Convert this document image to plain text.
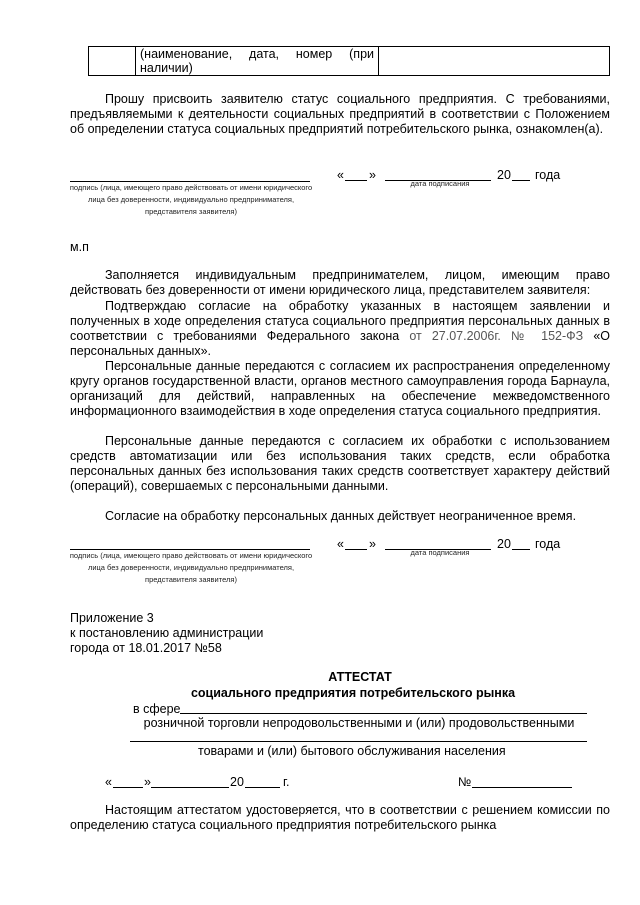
	(наименование, дата, номер (при наличии)	
Прошу присвоить заявителю статус социального предприятия. С требованиями, предъявляемыми к деятельности социальных предприятий в соответствии с Положением об определении статуса социальных предприятий потребительского рынка, ознакомлен(а).
подпись (лица, имеющего право действовать от имени юридического лица без доверенности, индивидуально предпринимателя, представителя заявителя)
« »	20 года
дата подписания
м.п
Заполняется индивидуальным предпринимателем, лицом, имеющим право действовать без доверенности от имени юридического лица, представителем заявителя:
Подтверждаю согласие на обработку указанных в настоящем заявлении и полученных в ходе определения статуса социального предприятия персональных данных в соответствии с требованиями Федерального закона от 27.07.2006г. № 152-ФЗ «О персональных данных».
Персональные данные передаются с согласием их распространения определенному кругу органов государственной власти, органов местного самоуправления города Барнаула, организаций для действий, направленных на обеспечение межведомственного информационного взаимодействия в ходе определения статуса социального предприятия.
Персональные данные передаются с согласием их обработки с использованием средств автоматизации или без использования таких средств, если обработка персональных данных без использования таких средств соответствует характеру действий (операций), совершаемых с персональными данными.
Согласие на обработку персональных данных действует неограниченное время.
подпись (лица, имеющего право действовать от имени юридического лица без доверенности, индивидуально предпринимателя, представителя заявителя)
« »	20 года
дата подписания
Приложение 3
к постановлению администрации
города от 18.01.2017 №58
АТТЕСТАТ
социального предприятия потребительского рынка
в сфере
розничной торговли непродовольственными и (или) продовольственными
товарами и (или) бытового обслуживания населения
«	»	20	г.	№
Настоящим аттестатом удостоверяется, что в соответствии с решением комиссии по определению статуса социального предприятия потребительского рынка
